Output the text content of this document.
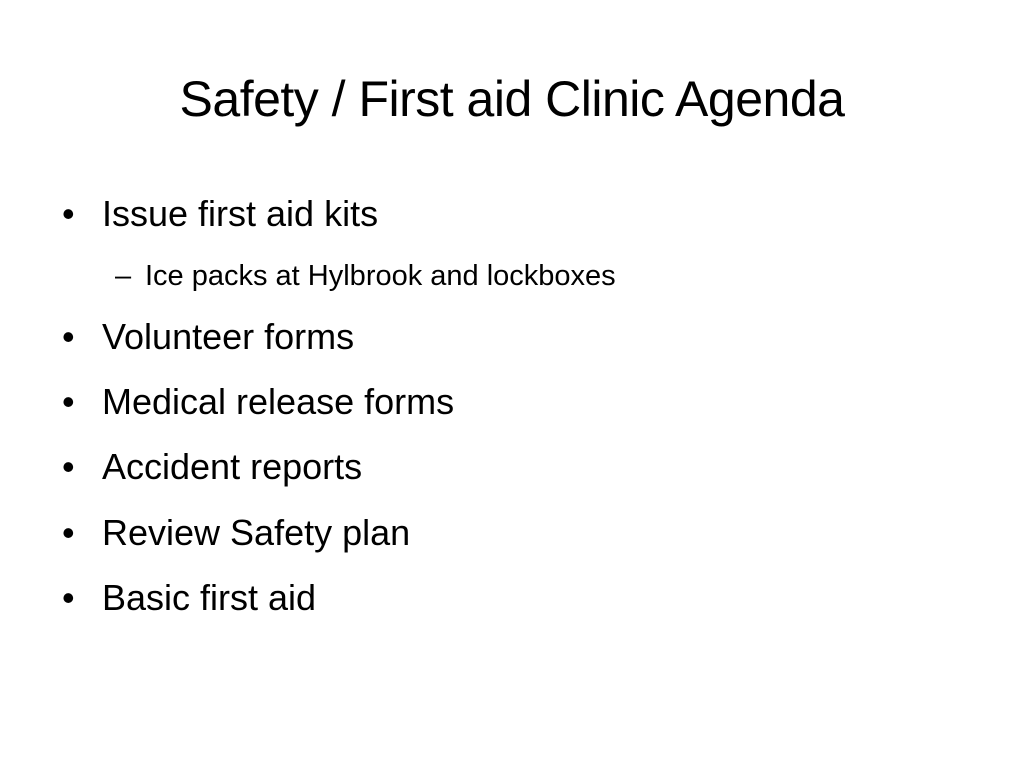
Safety / First aid Clinic Agenda
• Issue first aid kits
– Ice packs at Hylbrook and lockboxes
• Volunteer forms
• Medical release forms
• Accident reports
• Review Safety plan
• Basic first aid
